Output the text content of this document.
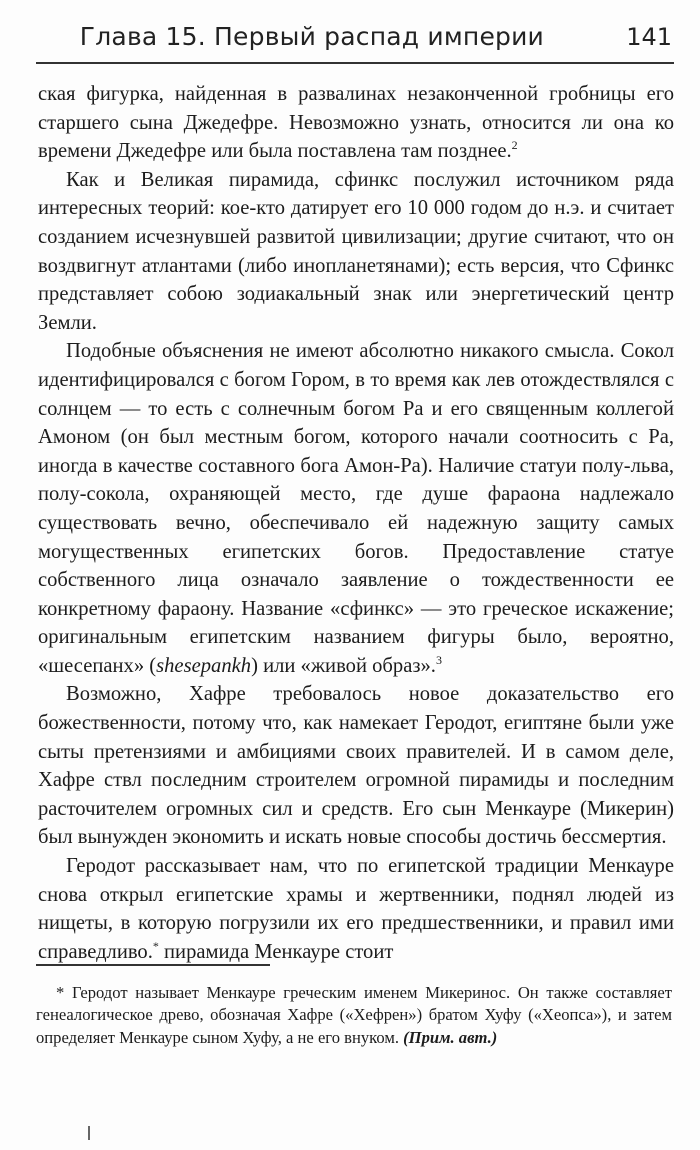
Глава 15. Первый распад империи	141

ская фигурка, найденная в развалинах незаконченной гробницы его старшего сына Джедефре. Невозможно узнать, относится ли она ко времени Джедефре или была поставлена там позднее.$^2$

Как и Великая пирамида, сфинкс послужил источником ряда интересных теорий: кое-кто датирует его 10 000 годом до н.э. и считает созданием исчезнувшей развитой цивилизации; другие считают, что он воздвигнут атлантами (либо инопланетянами); есть версия, что Сфинкс представляет собою зодиакальный знак или энергетический центр Земли.

Подобные объяснения не имеют абсолютно никакого смысла. Сокол идентифицировался с богом Гором, в то время как лев отождествлялся с солнцем — то есть с солнечным богом Ра и его священным коллегой Амоном (он был местным богом, которого начали соотносить с Ра, иногда в качестве составного бога Амон-Ра). Наличие статуи полу-льва, полу-сокола, охраняющей место, где душе фараона надлежало существовать вечно, обеспечивало ей надежную защиту самых могущественных египетских богов. Предоставление статуе собственного лица означало заявление о тождественности ее конкретному фараону. Название «сфинкс» — это греческое искажение; оригинальным египетским названием фигуры было, вероятно, «шесепанх» (shesepankh) или «живой образ».$^3$

Возможно, Хафре требовалось новое доказательство его божественности, потому что, как намекает Геродот, египтяне были уже сыты претензиями и амбициями своих правителей. И в самом деле, Хафре ствл последним строителем огромной пирамиды и последним расточителем огромных сил и средств. Его сын Менкауре (Микерин) был вынужден экономить и искать новые способы достичь бессмертия.

Геродот рассказывает нам, что по египетской традиции Менкауре снова открыл египетские храмы и жертвенники, поднял людей из нищеты, в которую погрузили их его предшественники, и правил ими справедливо.* пирамида Менкауре стоит

* Геродот называет Менкауре греческим именем Микеринос. Он также составляет генеалогическое древо, обозначая Хафре («Хефрен») братом Хуфу («Хеопса»), и затем определяет Менкауре сыном Хуфу, а не его внуком. (Прим. авт.)
